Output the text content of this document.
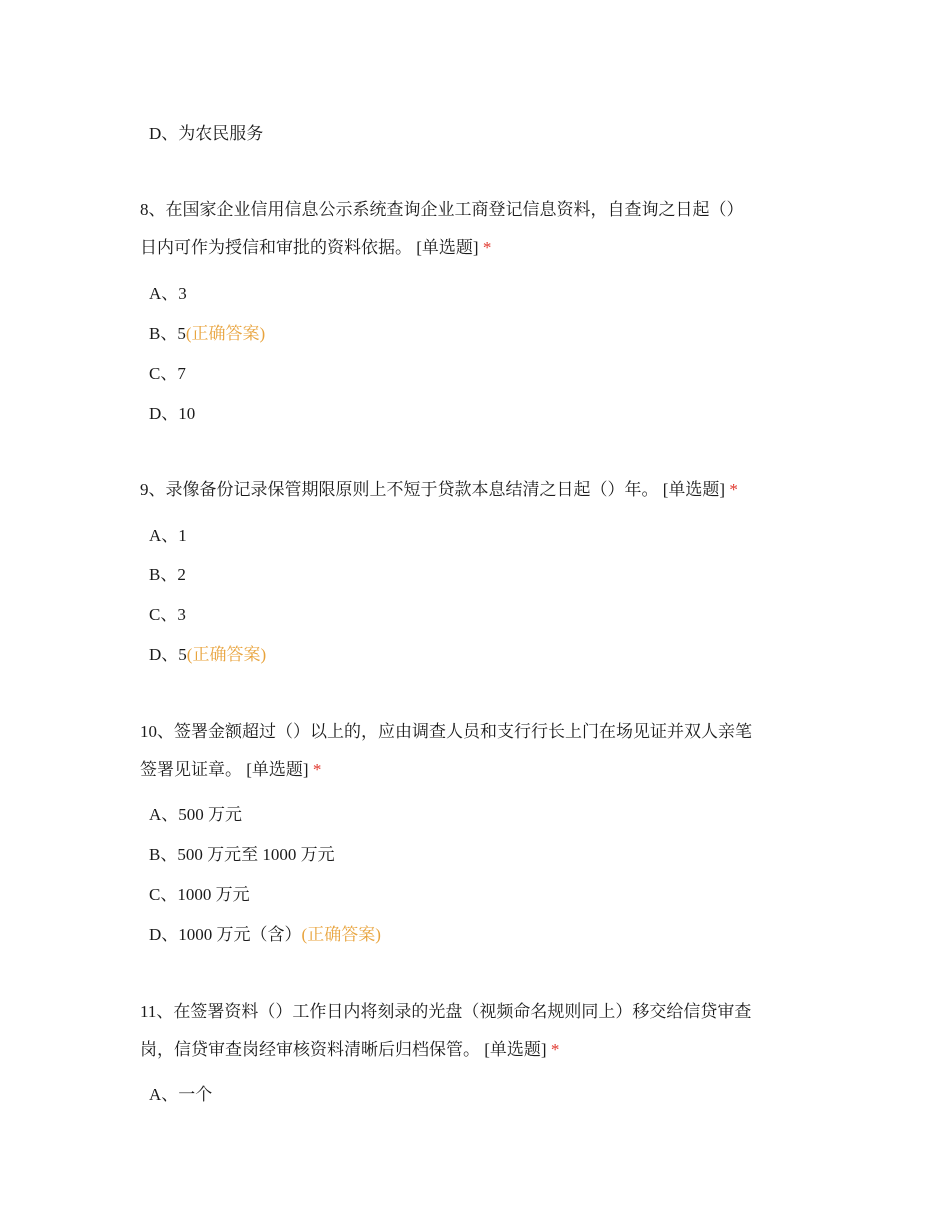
D、为农民服务
8、在国家企业信用信息公示系统查询企业工商登记信息资料，自查询之日起（）
日内可作为授信和审批的资料依据。 [单选题] *
A、3
B、5(正确答案)
C、7
D、10
9、录像备份记录保管期限原则上不短于贷款本息结清之日起（）年。 [单选题] *
A、1
B、2
C、3
D、5(正确答案)
10、签署金额超过（）以上的，应由调查人员和支行行长上门在场见证并双人亲笔
签署见证章。 [单选题] *
A、500 万元
B、500 万元至 1000 万元
C、1000 万元
D、1000 万元（含）(正确答案)
11、在签署资料（）工作日内将刻录的光盘（视频命名规则同上）移交给信贷审查
岗，信贷审查岗经审核资料清晰后归档保管。 [单选题] *
A、一个
